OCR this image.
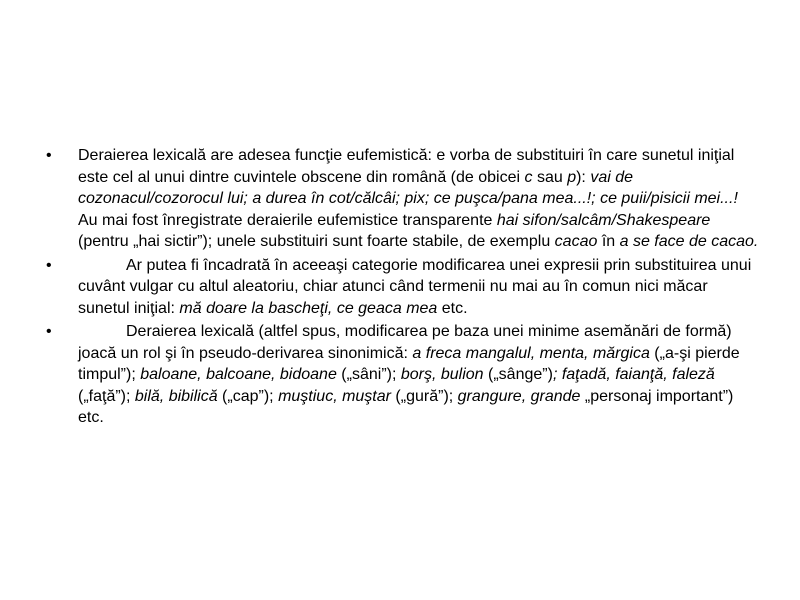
•	Deraierea lexicală are adesea funcţie eufemistică: e vorba de substituiri în care sunetul iniţial este cel al unui dintre cuvintele obscene din română (de obicei c sau p): vai de cozonacul/cozorocul lui; a durea în cot/călcâi; pix; ce puşca/pana mea...!; ce puii/pisicii mei...! Au mai fost înregistrate deraierile eufemistice transparente hai sifon/salcâm/Shakespeare (pentru „hai sictir”); unele substituiri sunt foarte stabile, de exemplu cacao în a se face de cacao.
•	Ar putea fi încadrată în aceeaşi categorie modificarea unei expresii prin substituirea unui cuvânt vulgar cu altul aleatoriu, chiar atunci când termenii nu mai au în comun nici măcar sunetul iniţial: mă doare la bascheţi, ce geaca mea etc.
•	Deraierea lexicală (altfel spus, modificarea pe baza unei minime asemănări de formă) joacă un rol şi în pseudo-derivarea sinonimică: a freca mangalul, menta, mărgica („a-şi pierde timpul”); baloane, balcoane, bidoane („sâni”); borş, bulion („sânge”); faţadă, faianţă, faleză („faţă”); bilă, bibilică („cap”); muştiuc, muştar („gură”); grangure, grande „personaj important”) etc.
